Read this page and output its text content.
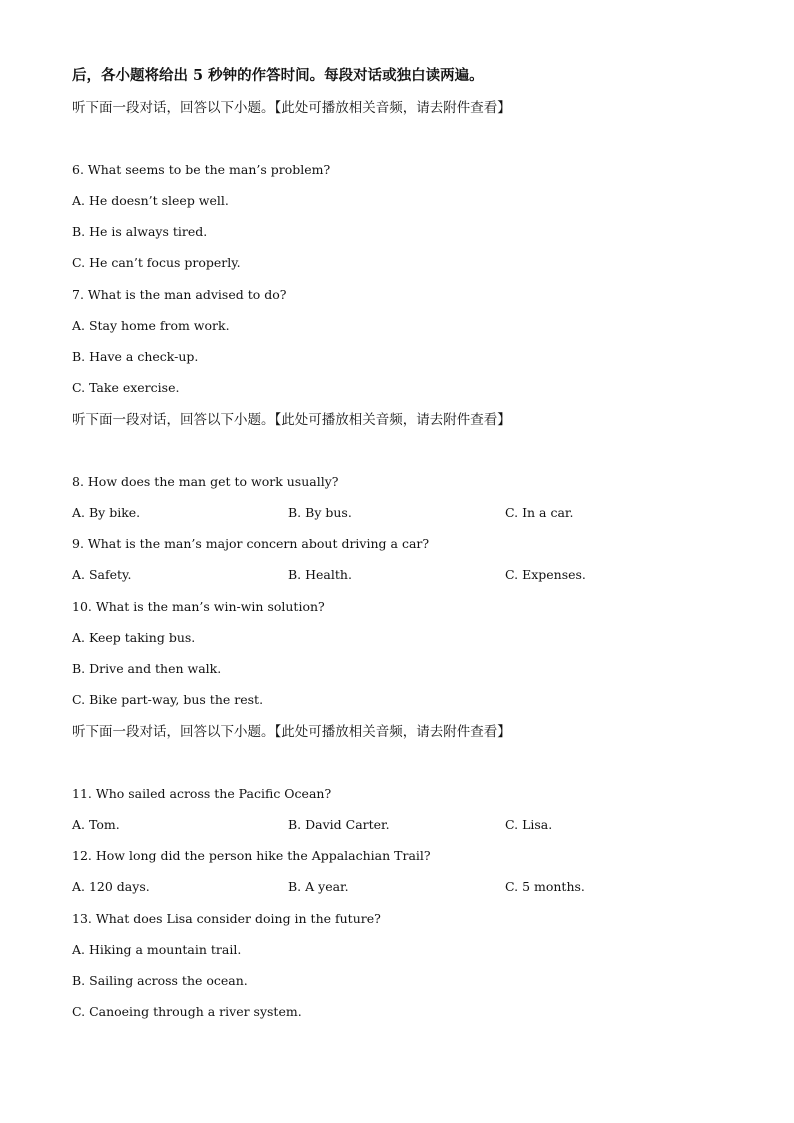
后，各小题将给出 5 秒钟的作答时间。每段对话或独白读两遍。
听下面一段对话，回答以下小题。【此处可播放相关音频，请去附件查看】
6. What seems to be the man’s problem?
A. He doesn’t sleep well.
B. He is always tired.
C. He can’t focus properly.
7. What is the man advised to do?
A. Stay home from work.
B. Have a check-up.
C. Take exercise.
听下面一段对话，回答以下小题。【此处可播放相关音频，请去附件查看】
8. How does the man get to work usually?
A. By bike.	B. By bus.	C. In a car.
9. What is the man’s major concern about driving a car?
A. Safety.	B. Health.	C. Expenses.
10. What is the man’s win-win solution?
A. Keep taking bus.
B. Drive and then walk.
C. Bike part-way, bus the rest.
听下面一段对话，回答以下小题。【此处可播放相关音频，请去附件查看】
11. Who sailed across the Pacific Ocean?
A. Tom.	B. David Carter.	C. Lisa.
12. How long did the person hike the Appalachian Trail?
A. 120 days.	B. A year.	C. 5 months.
13. What does Lisa consider doing in the future?
A. Hiking a mountain trail.
B. Sailing across the ocean.
C. Canoeing through a river system.
